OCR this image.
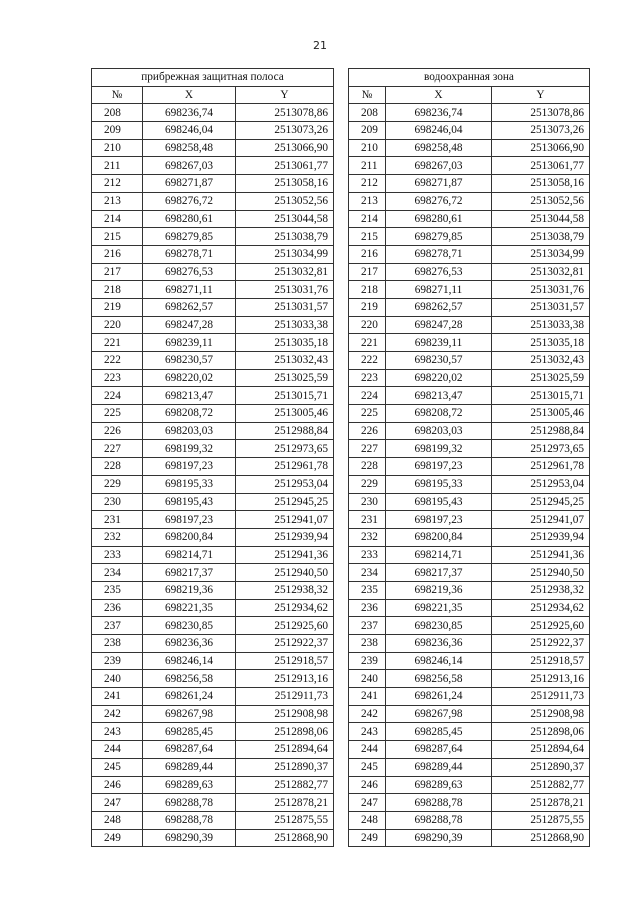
21
прибрежная защитная полоса				водоохранная зона		
№	X	Y		№	X	Y
208	698236,74	2513078,86		208	698236,74	2513078,86
209	698246,04	2513073,26		209	698246,04	2513073,26
210	698258,48	2513066,90		210	698258,48	2513066,90
211	698267,03	2513061,77		211	698267,03	2513061,77
212	698271,87	2513058,16		212	698271,87	2513058,16
213	698276,72	2513052,56		213	698276,72	2513052,56
214	698280,61	2513044,58		214	698280,61	2513044,58
215	698279,85	2513038,79		215	698279,85	2513038,79
216	698278,71	2513034,99		216	698278,71	2513034,99
217	698276,53	2513032,81		217	698276,53	2513032,81
218	698271,11	2513031,76		218	698271,11	2513031,76
219	698262,57	2513031,57		219	698262,57	2513031,57
220	698247,28	2513033,38		220	698247,28	2513033,38
221	698239,11	2513035,18		221	698239,11	2513035,18
222	698230,57	2513032,43		222	698230,57	2513032,43
223	698220,02	2513025,59		223	698220,02	2513025,59
224	698213,47	2513015,71		224	698213,47	2513015,71
225	698208,72	2513005,46		225	698208,72	2513005,46
226	698203,03	2512988,84		226	698203,03	2512988,84
227	698199,32	2512973,65		227	698199,32	2512973,65
228	698197,23	2512961,78		228	698197,23	2512961,78
229	698195,33	2512953,04		229	698195,33	2512953,04
230	698195,43	2512945,25		230	698195,43	2512945,25
231	698197,23	2512941,07		231	698197,23	2512941,07
232	698200,84	2512939,94		232	698200,84	2512939,94
233	698214,71	2512941,36		233	698214,71	2512941,36
234	698217,37	2512940,50		234	698217,37	2512940,50
235	698219,36	2512938,32		235	698219,36	2512938,32
236	698221,35	2512934,62		236	698221,35	2512934,62
237	698230,85	2512925,60		237	698230,85	2512925,60
238	698236,36	2512922,37		238	698236,36	2512922,37
239	698246,14	2512918,57		239	698246,14	2512918,57
240	698256,58	2512913,16		240	698256,58	2512913,16
241	698261,24	2512911,73		241	698261,24	2512911,73
242	698267,98	2512908,98		242	698267,98	2512908,98
243	698285,45	2512898,06		243	698285,45	2512898,06
244	698287,64	2512894,64		244	698287,64	2512894,64
245	698289,44	2512890,37		245	698289,44	2512890,37
246	698289,63	2512882,77		246	698289,63	2512882,77
247	698288,78	2512878,21		247	698288,78	2512878,21
248	698288,78	2512875,55		248	698288,78	2512875,55
249	698290,39	2512868,90		249	698290,39	2512868,90
